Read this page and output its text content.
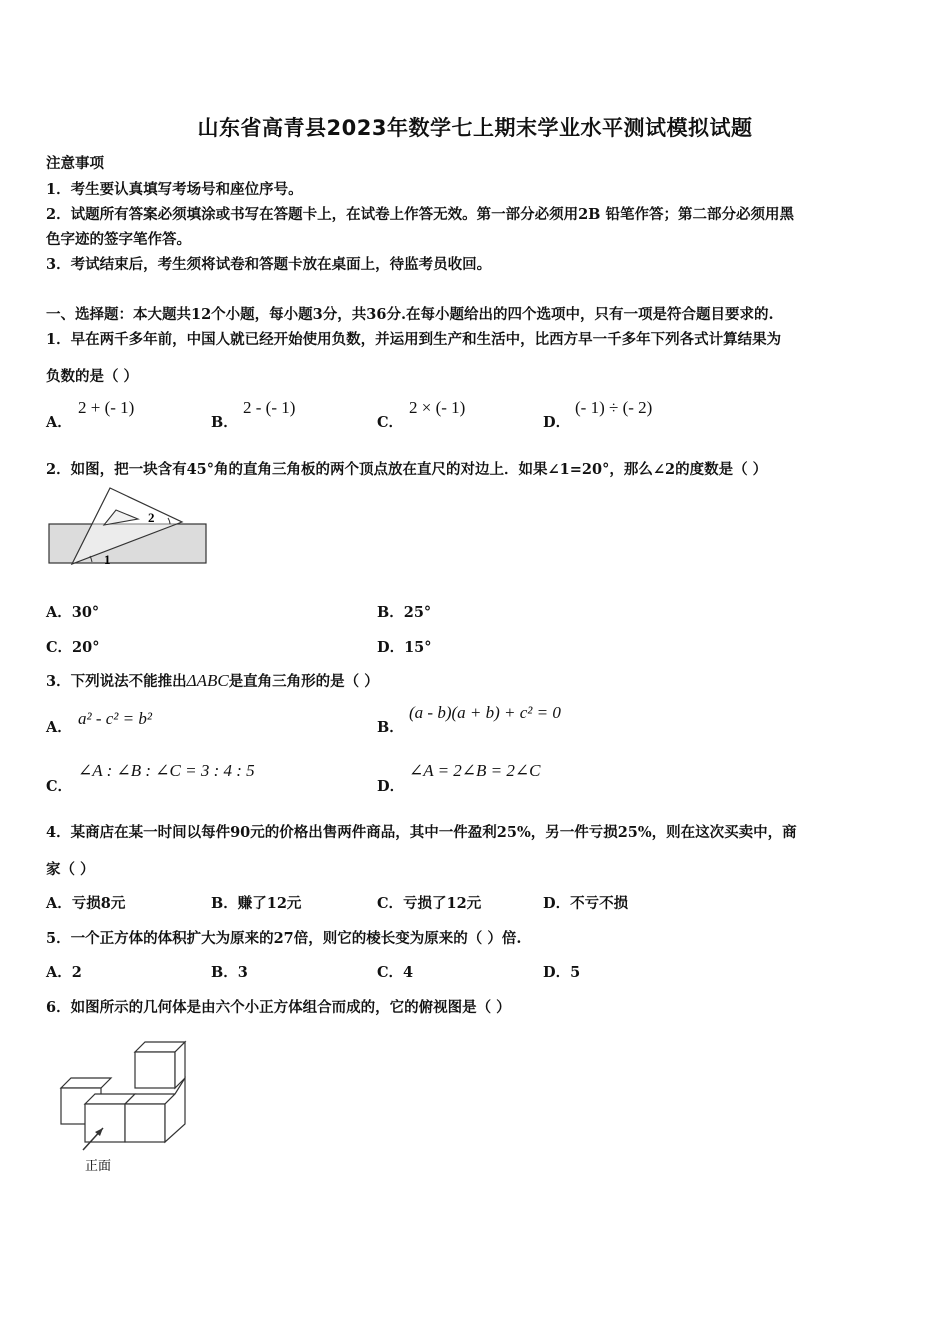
山东省高青县2023年数学七上期末学业水平测试模拟试题
注意事项
1．考生要认真填写考场号和座位序号。
2．试题所有答案必须填涂或书写在答题卡上，在试卷上作答无效。第一部分必须用2B 铅笔作答；第二部分必须用黑
色字迹的签字笔作答。
3．考试结束后，考生须将试卷和答题卡放在桌面上，待监考员收回。
一、选择题：本大题共12个小题，每小题3分，共36分.在每小题给出的四个选项中，只有一项是符合题目要求的.
1．早在两千多年前，中国人就已经开始使用负数，并运用到生产和生活中，比西方早一千多年下列各式计算结果为
负数的是（ ）
A．
2 + (- 1)
B．
2 - (- 1)
C．
2 × (- 1)
D．
(- 1) ÷ (- 2)
2．如图，把一块含有45°角的直角三角板的两个顶点放在直尺的对边上．如果∠1=20°，那么∠2的度数是（ ）
1
2
A．30°	B．25°
C．20°	D．15°
3．下列说法不能推出ΔABC是直角三角形的是（ ）
A． a² - c² = b²	B．
(a - b)(a + b) + c² = 0
C．
∠A : ∠B : ∠C = 3 : 4 : 5
D．
∠A = 2∠B = 2∠C
4．某商店在某一时间以每件90元的价格出售两件商品，其中一件盈利25%，另一件亏损25%，则在这次买卖中，商
家（ ）
A．亏损8元	B．赚了12元	C．亏损了12元	D．不亏不损
5．一个正方体的体积扩大为原来的27倍，则它的棱长变为原来的（ ）倍.
A．2	B．3	C．4	D．5
6．如图所示的几何体是由六个小正方体组合而成的，它的俯视图是（ ）
正面
